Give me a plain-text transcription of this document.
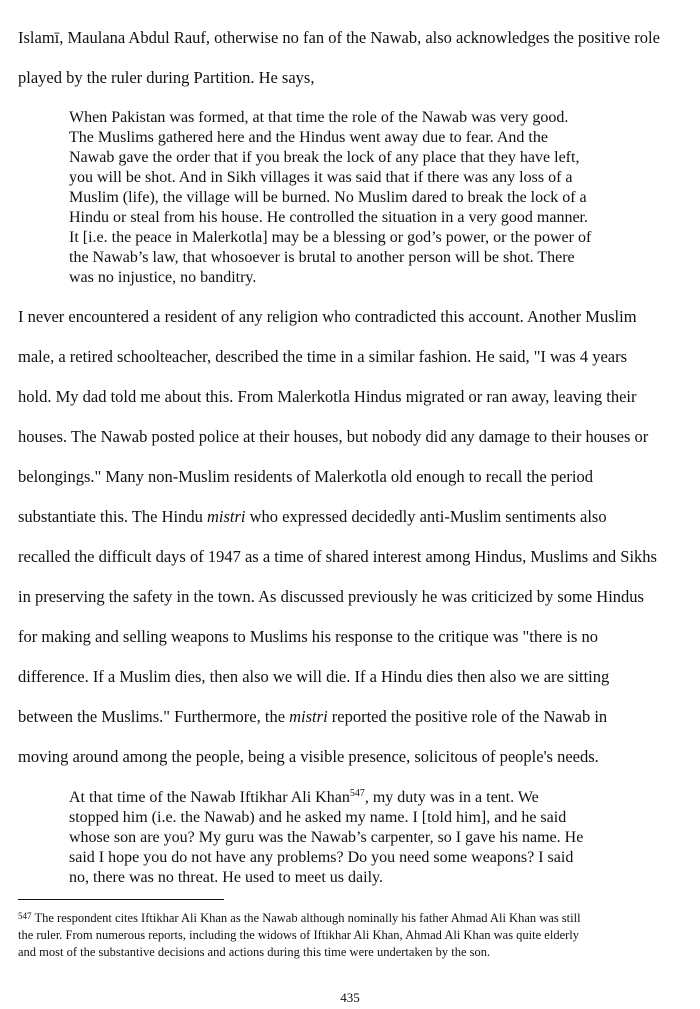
Islamī, Maulana Abdul Rauf, otherwise no fan of the Nawab, also acknowledges the positive role
played by the ruler during Partition. He says,
When Pakistan was formed, at that time the role of the Nawab was very good.
The Muslims gathered here and the Hindus went away due to fear. And the
Nawab gave the order that if you break the lock of any place that they have left,
you will be shot. And in Sikh villages it was said that if there was any loss of a
Muslim (life), the village will be burned. No Muslim dared to break the lock of a
Hindu or steal from his house. He controlled the situation in a very good manner.
It [i.e. the peace in Malerkotla] may be a blessing or god’s power, or the power of
the Nawab’s law, that whosoever is brutal to another person will be shot. There
was no injustice, no banditry.
I never encountered a resident of any religion who contradicted this account. Another Muslim
male, a retired schoolteacher, described the time in a similar fashion. He said, "I was 4 years
hold. My dad told me about this. From Malerkotla Hindus migrated or ran away, leaving their
houses. The Nawab posted police at their houses, but nobody did any damage to their houses or
belongings." Many non-Muslim residents of Malerkotla old enough to recall the period
substantiate this. The Hindu mistri who expressed decidedly anti-Muslim sentiments also
recalled the difficult days of 1947 as a time of shared interest among Hindus, Muslims and Sikhs
in preserving the safety in the town. As discussed previously he was criticized by some Hindus
for making and selling weapons to Muslims his response to the critique was "there is no
difference. If a Muslim dies, then also we will die. If a Hindu dies then also we are sitting
between the Muslims." Furthermore, the mistri reported the positive role of the Nawab in
moving around among the people, being a visible presence, solicitous of people's needs.
At that time of the Nawab Iftikhar Ali Khan$^{547}$, my duty was in a tent. We
stopped him (i.e. the Nawab) and he asked my name. I [told him], and he said
whose son are you? My guru was the Nawab’s carpenter, so I gave his name. He
said I hope you do not have any problems? Do you need some weapons? I said
no, there was no threat. He used to meet us daily.
$^{547}$ The respondent cites Iftikhar Ali Khan as the Nawab although nominally his father Ahmad Ali Khan was still
the ruler. From numerous reports, including the widows of Iftikhar Ali Khan, Ahmad Ali Khan was quite elderly
and most of the substantive decisions and actions during this time were undertaken by the son.
435
